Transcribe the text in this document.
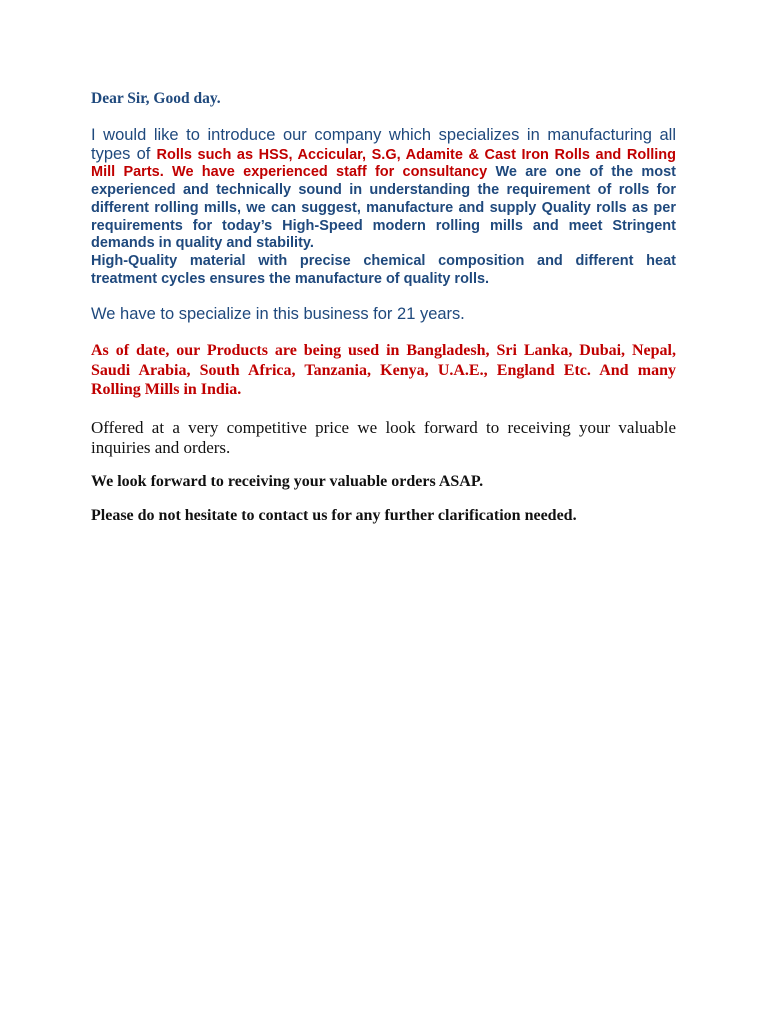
Dear Sir, Good day.

I would like to introduce our company which specializes in manufacturing all types of Rolls such as HSS, Accicular, S.G, Adamite & Cast Iron Rolls and Rolling Mill Parts. We have experienced staff for consultancy We are one of the most experienced and technically sound in understanding the requirement of rolls for different rolling mills, we can suggest, manufacture and supply Quality rolls as per requirements for today’s High-Speed modern rolling mills and meet Stringent demands in quality and stability.

High-Quality material with precise chemical composition and different heat treatment cycles ensures the manufacture of quality rolls.

We have to specialize in this business for 21 years.

As of date, our Products are being used in Bangladesh, Sri Lanka, Dubai, Nepal, Saudi Arabia, South Africa, Tanzania, Kenya, U.A.E., England Etc. And many Rolling Mills in India.

Offered at a very competitive price we look forward to receiving your valuable inquiries and orders.

We look forward to receiving your valuable orders ASAP.

Please do not hesitate to contact us for any further clarification needed.
